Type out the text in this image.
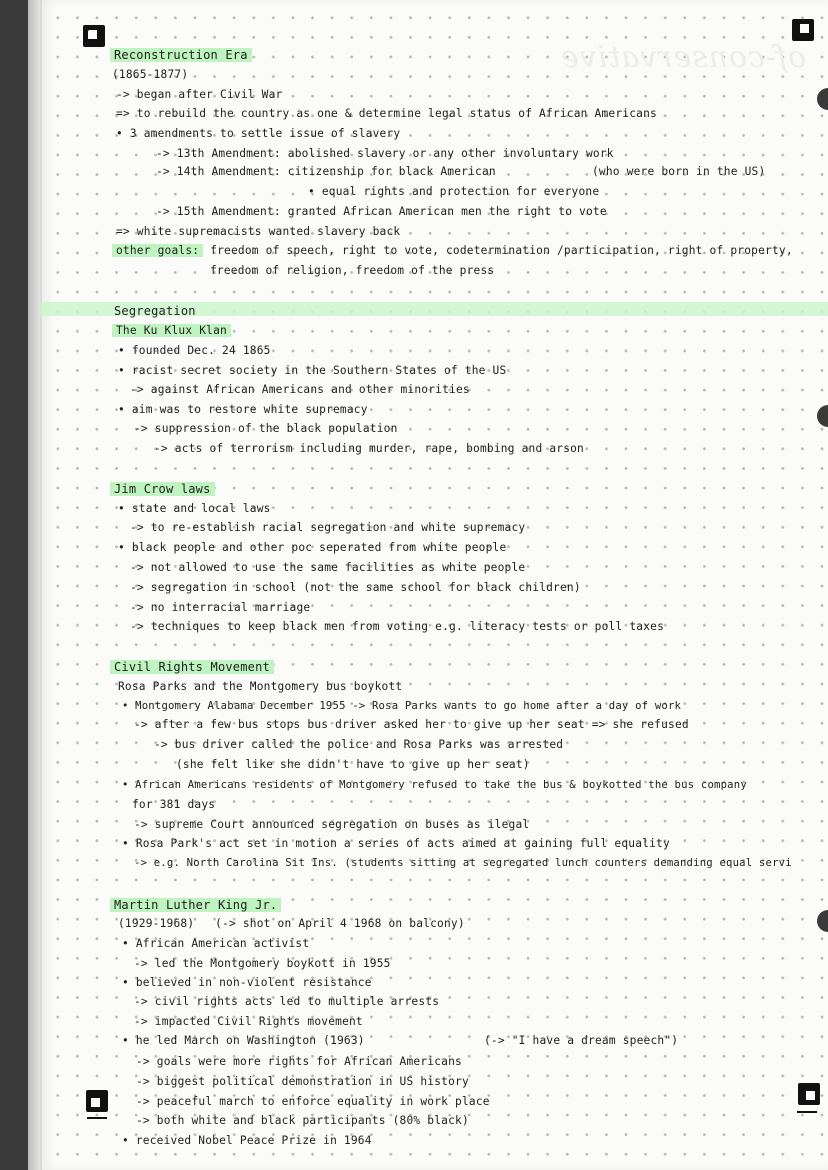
of-conservative
Reconstruction Era
(1865-1877)
-> began after Civil War
=> to rebuild the country as one & determine legal status of African Americans
• 3 amendments to settle issue of slavery
-> 13th Amendment: abolished slavery or any other involuntary work
-> 14th Amendment: citizenship for black American	(who were born in the US)
• equal rights and protection for everyone
-> 15th Amendment: granted African American men the right to vote
=> white supremacists wanted slavery back
other goals: freedom of speech, right to vote, codetermination /participation, right of property,
freedom of religion, freedom of the press
Segregation
The Ku Klux Klan
• founded Dec. 24 1865
• racist secret society in the Southern States of the US
-> against African Americans and other minorities
• aim was to restore white supremacy
-> suppression of the black population
-> acts of terrorism including murder, rape, bombing and arson
Jim Crow laws
• state and local laws
-> to re-establish racial segregation and white supremacy
• black people and other poc seperated from white people
-> not allowed to use the same facilities as white people
-> segregation in school (not the same school for black children)
-> no interracial marriage
-> techniques to keep black men from voting e.g. literacy tests or poll taxes
Civil Rights Movement
Rosa Parks and the Montgomery bus boykott
• Montgomery Alabama December 1955 -> Rosa Parks wants to go home after a day of work
-> after a few bus stops bus driver asked her to give up her seat => she refused
-> bus driver called the police and Rosa Parks was arrested
(she felt like she didn't have to give up her seat)
• African Americans residents of Montgomery refused to take the bus & boykotted the bus company
for 381 days
-> supreme Court announced segregation on buses as ilegal
• Rosa Park's act set in motion a series of acts aimed at gaining full equality
-> e.g. North Carolina Sit Ins. (students sitting at segregated lunch counters demanding equal servi
Martin Luther King Jr.
(1929-1968) (-> shot on April 4 1968 on balcony)
• African American activist
-> led the Montgomery boykott in 1955
• believed in non-violent resistance
-> civil rights acts led to multiple arrests
-> impacted Civil Rights movement
• he led March on Washington (1963)	(-> "I have a dream speech")
-> goals were more rights for African Americans
-> biggest political demonstration in US history
-> peaceful march to enforce equality in work place
-> both white and black participants (80% black)
• received Nobel Peace Prize in 1964
